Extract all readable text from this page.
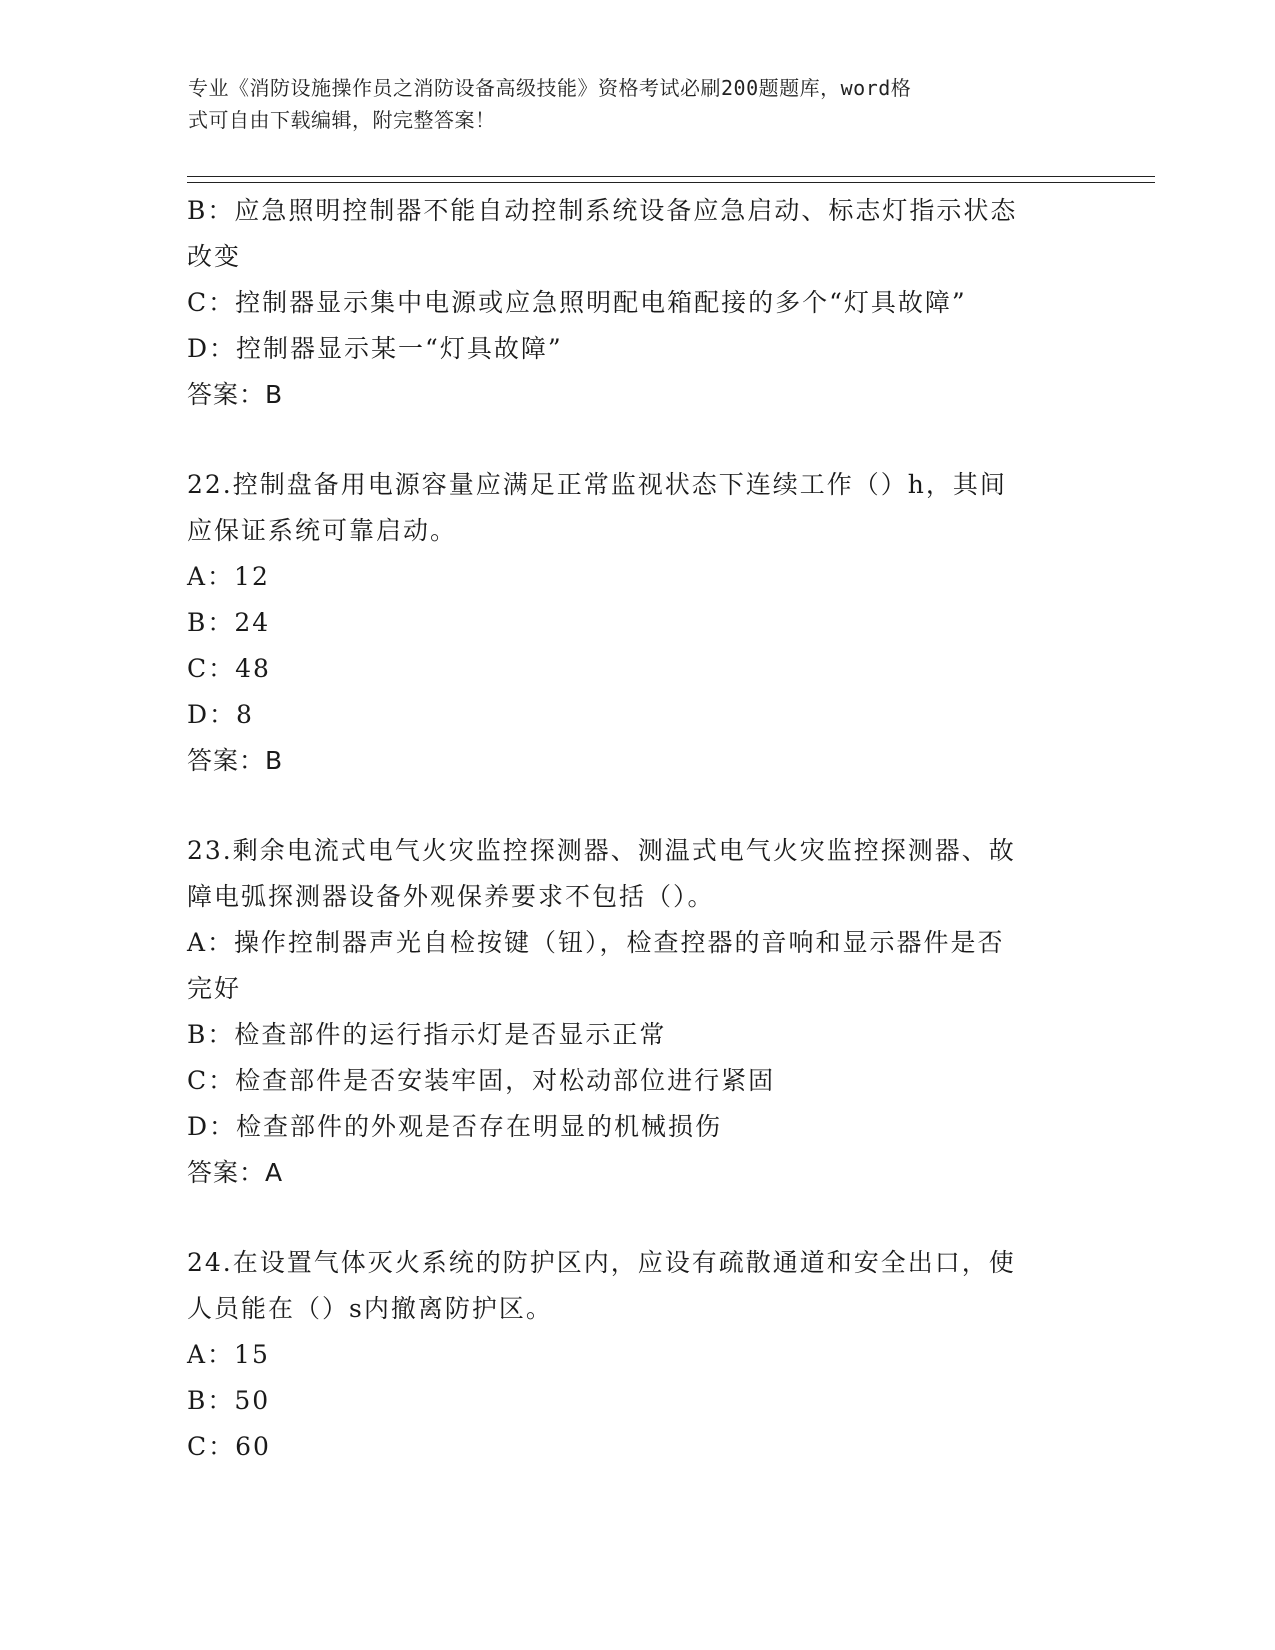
专业《消防设施操作员之消防设备高级技能》资格考试必刷200题题库，word格
式可自由下载编辑，附完整答案！
B：应急照明控制器不能自动控制系统设备应急启动、标志灯指示状态
改变
C：控制器显示集中电源或应急照明配电箱配接的多个“灯具故障”
D：控制器显示某一“灯具故障”
答案：B
22.控制盘备用电源容量应满足正常监视状态下连续工作（）h，其间
应保证系统可靠启动。
A：12
B：24
C：48
D：8
答案：B
23.剩余电流式电气火灾监控探测器、测温式电气火灾监控探测器、故
障电弧探测器设备外观保养要求不包括（）。
A：操作控制器声光自检按键（钮），检查控器的音响和显示器件是否
完好
B：检查部件的运行指示灯是否显示正常
C：检查部件是否安装牢固，对松动部位进行紧固
D：检查部件的外观是否存在明显的机械损伤
答案：A
24.在设置气体灭火系统的防护区内，应设有疏散通道和安全出口，使
人员能在（）s内撤离防护区。
A：15
B：50
C：60
